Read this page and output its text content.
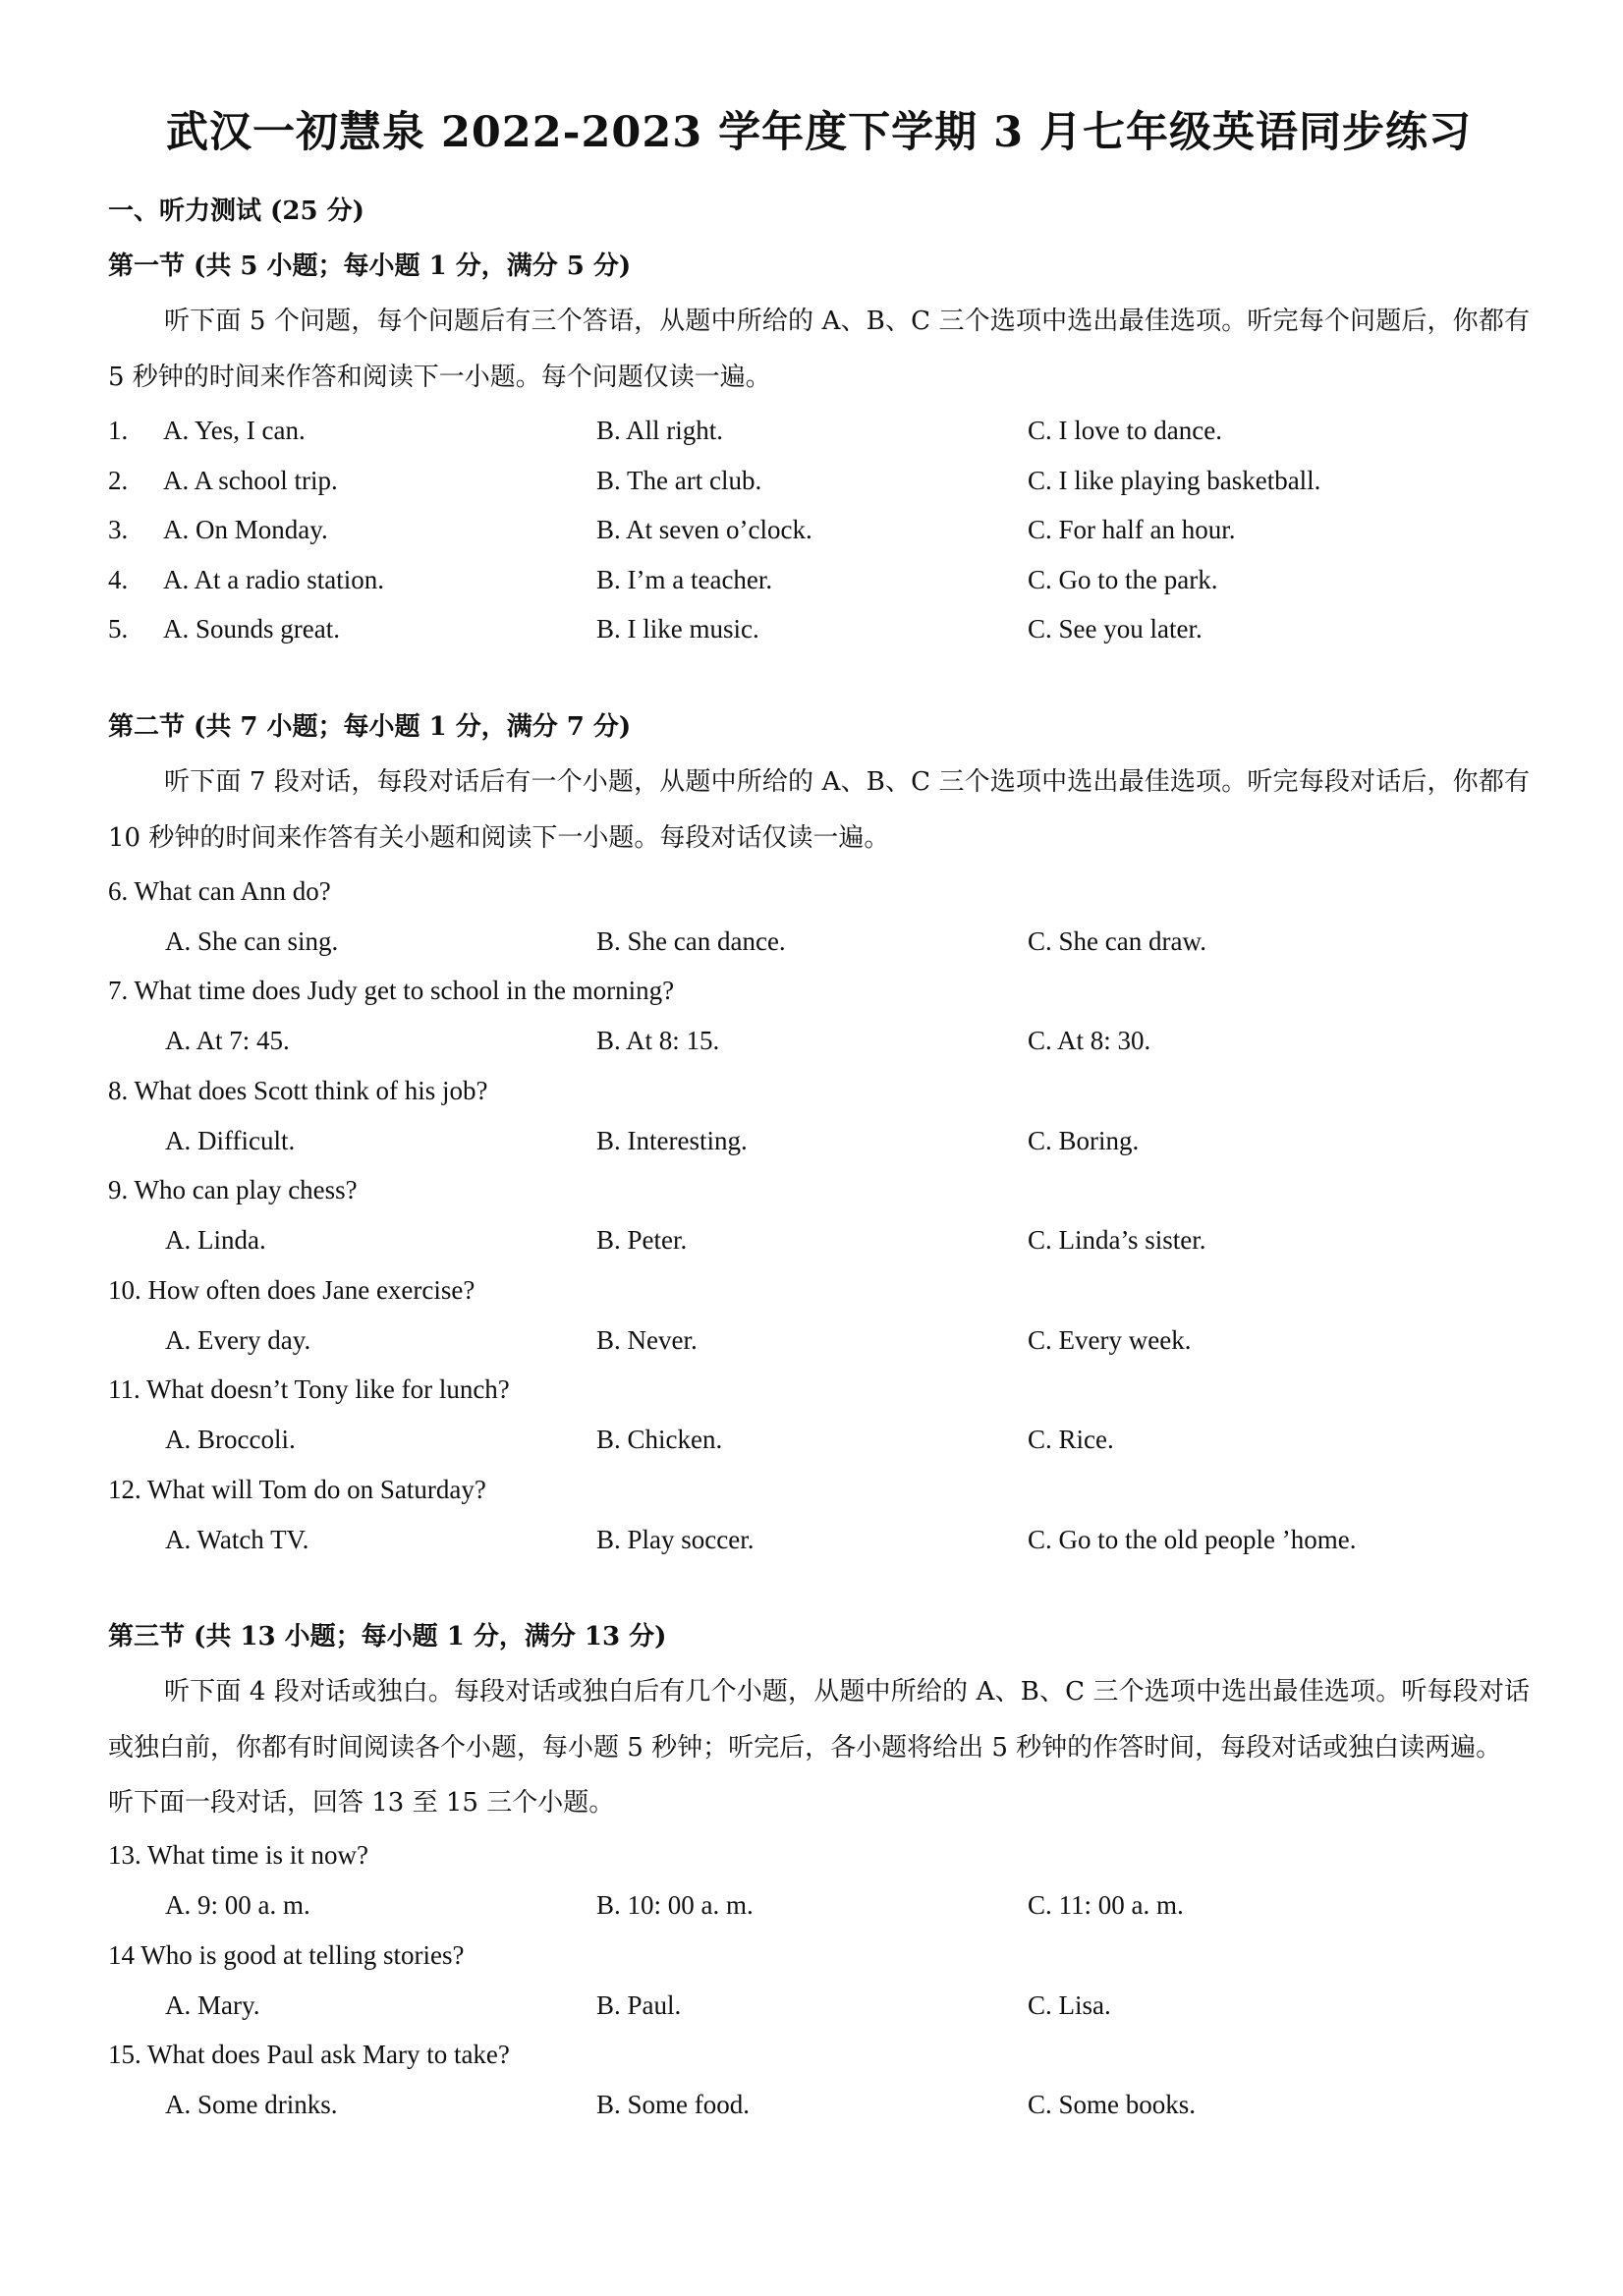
武汉一初慧泉 2022-2023 学年度下学期 3 月七年级英语同步练习
一、听力测试 (25 分)
第一节 (共 5 小题；每小题 1 分，满分 5 分)
听下面 5 个问题，每个问题后有三个答语，从题中所给的 A、B、C 三个选项中选出最佳选项。听完每个问题后，你都有 5 秒钟的时间来作答和阅读下一小题。每个问题仅读一遍。
1. A. Yes, I can.	B. All right.	C. I love to dance.
2. A. A school trip.	B. The art club.	C. I like playing basketball.
3. A. On Monday.	B. At seven o’clock.	C. For half an hour.
4. A. At a radio station.	B. I’m a teacher.	C. Go to the park.
5. A. Sounds great.	B. I like music.	C. See you later.
第二节 (共 7 小题；每小题 1 分，满分 7 分)
听下面 7 段对话，每段对话后有一个小题，从题中所给的 A、B、C 三个选项中选出最佳选项。听完每段对话后，你都有 10 秒钟的时间来作答有关小题和阅读下一小题。每段对话仅读一遍。
6. What can Ann do?
A. She can sing.	B. She can dance.	C. She can draw.
7. What time does Judy get to school in the morning?
A. At 7: 45.	B. At 8: 15.	C. At 8: 30.
8. What does Scott think of his job?
A. Difficult.	B. Interesting.	C. Boring.
9. Who can play chess?
A. Linda.	B. Peter.	C. Linda’s sister.
10. How often does Jane exercise?
A. Every day.	B. Never.	C. Every week.
11. What doesn’t Tony like for lunch?
A. Broccoli.	B. Chicken.	C. Rice.
12. What will Tom do on Saturday?
A. Watch TV.	B. Play soccer.	C. Go to the old people ’home.
第三节 (共 13 小题；每小题 1 分，满分 13 分)
听下面 4 段对话或独白。每段对话或独白后有几个小题，从题中所给的 A、B、C 三个选项中选出最佳选项。听每段对话或独白前，你都有时间阅读各个小题，每小题 5 秒钟；听完后，各小题将给出 5 秒钟的作答时间，每段对话或独白读两遍。
听下面一段对话，回答 13 至 15 三个小题。
13. What time is it now?
A. 9: 00 a. m.	B. 10: 00 a. m.	C. 11: 00 a. m.
14 Who is good at telling stories?
A. Mary.	B. Paul.	C. Lisa.
15. What does Paul ask Mary to take?
A. Some drinks.	B. Some food.	C. Some books.
